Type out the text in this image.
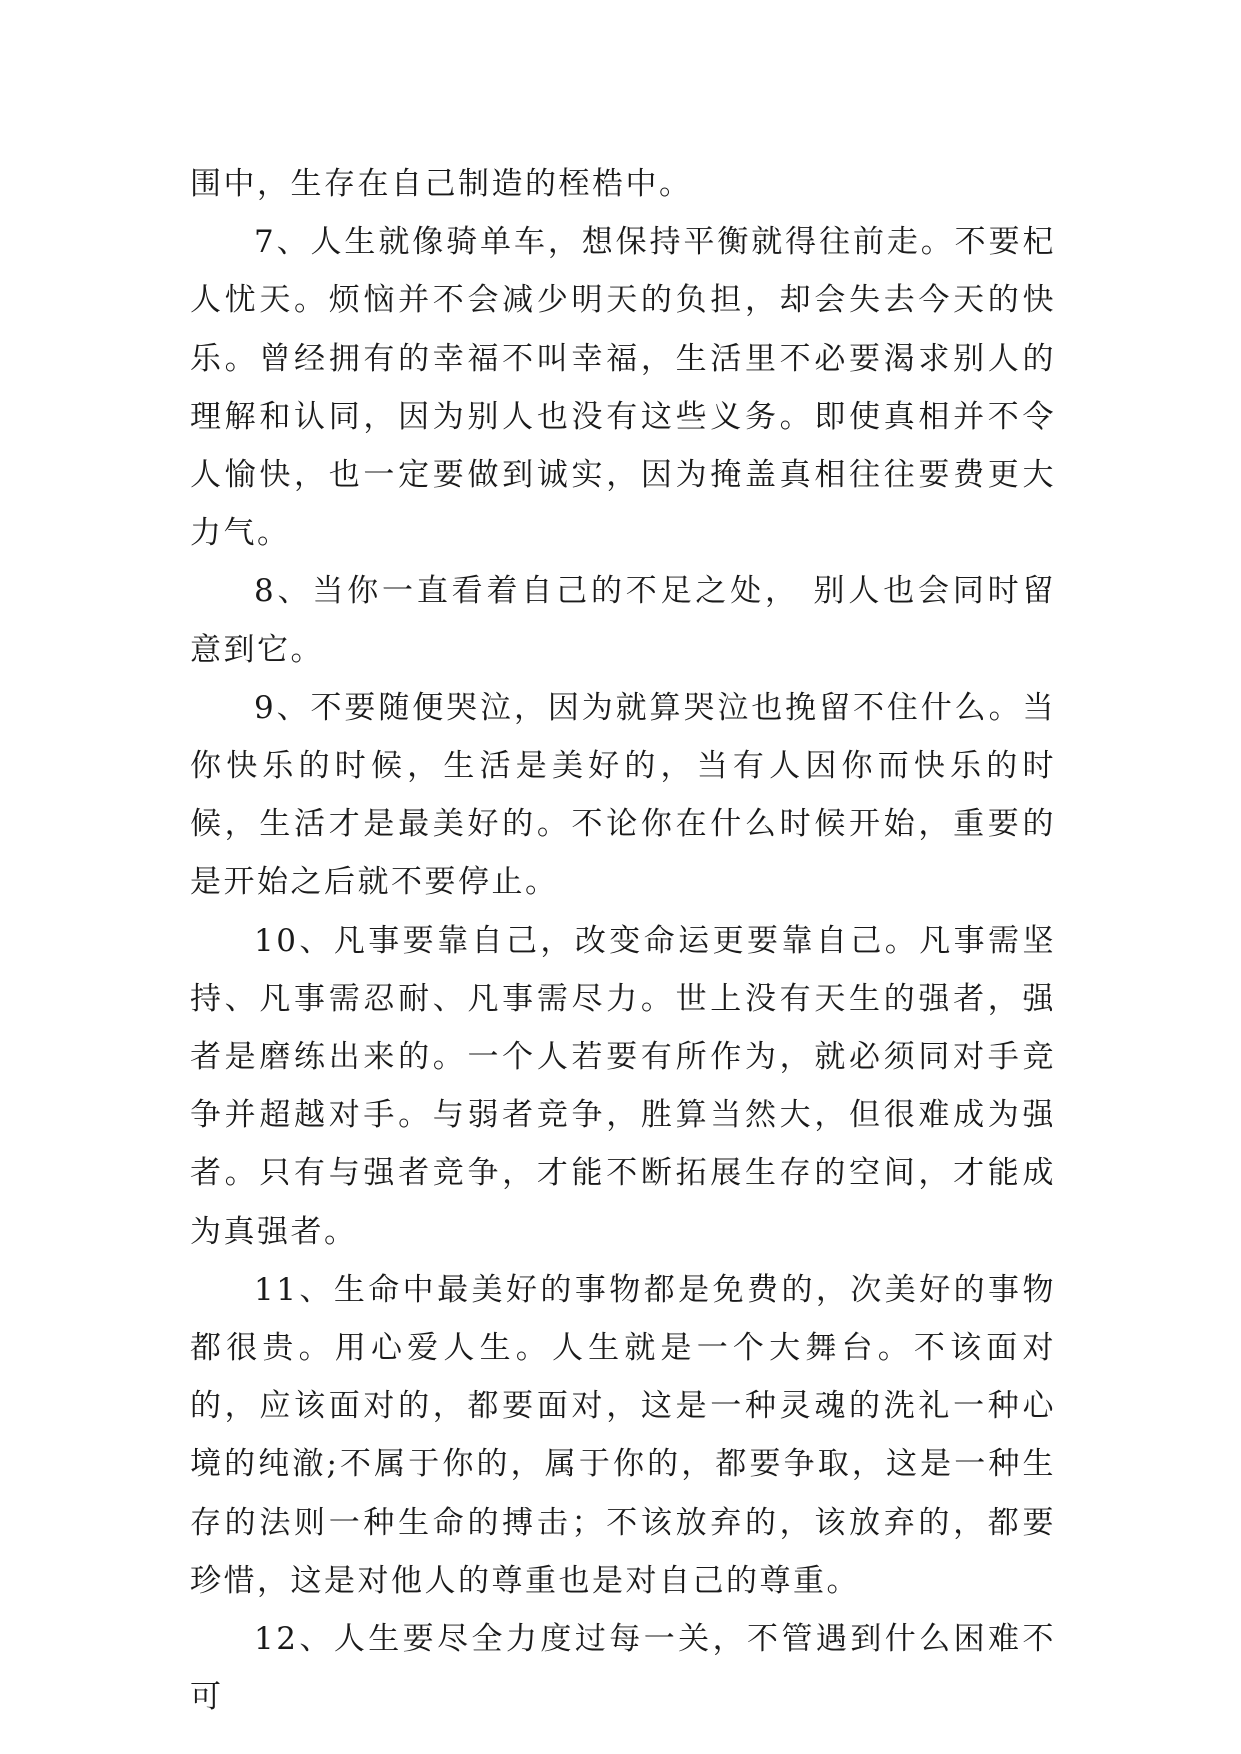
围中，生存在自己制造的桎梏中。

7、人生就像骑单车，想保持平衡就得往前走。不要杞人忧天。烦恼并不会减少明天的负担，却会失去今天的快乐。曾经拥有的幸福不叫幸福，生活里不必要渴求别人的理解和认同，因为别人也没有这些义务。即使真相并不令人愉快，也一定要做到诚实，因为掩盖真相往往要费更大力气。

8、当你一直看着自己的不足之处， 别人也会同时留意到它。

9、不要随便哭泣，因为就算哭泣也挽留不住什么。当你快乐的时候，生活是美好的，当有人因你而快乐的时候，生活才是最美好的。不论你在什么时候开始，重要的是开始之后就不要停止。

10、凡事要靠自己，改变命运更要靠自己。凡事需坚持、凡事需忍耐、凡事需尽力。世上没有天生的强者，强者是磨练出来的。一个人若要有所作为，就必须同对手竞争并超越对手。与弱者竞争，胜算当然大，但很难成为强者。只有与强者竞争，才能不断拓展生存的空间，才能成为真强者。

11、生命中最美好的事物都是免费的，次美好的事物都很贵。用心爱人生。人生就是一个大舞台。不该面对的，应该面对的，都要面对，这是一种灵魂的洗礼一种心境的纯澈;不属于你的，属于你的，都要争取，这是一种生存的法则一种生命的搏击；不该放弃的，该放弃的，都要珍惜，这是对他人的尊重也是对自己的尊重。

12、人生要尽全力度过每一关，不管遇到什么困难不可
